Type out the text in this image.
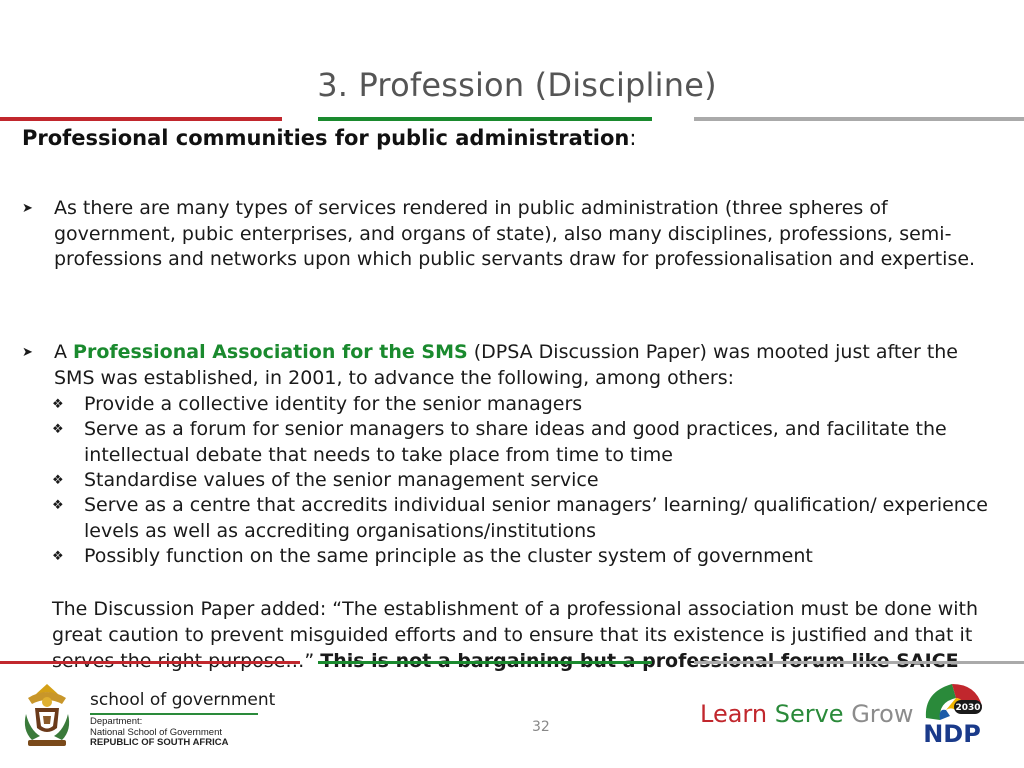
3. Profession (Discipline)
Professional communities for public administration:
➤	As there are many types of services rendered in public administration (three spheres of government, pubic enterprises, and organs of state), also many disciplines, professions, semi-professions and networks upon which public servants draw for professionalisation and expertise.
➤	A Professional Association for the SMS (DPSA Discussion Paper) was mooted just after the SMS was established, in 2001, to advance the following, among others:
❖	Provide a collective identity for the senior managers
❖	Serve as a forum for senior managers to share ideas and good practices, and facilitate the intellectual debate that needs to take place from time to time
❖	Standardise values of the senior management service
❖	Serve as a centre that accredits individual senior managers’ learning/ qualification/ experience levels as well as accrediting organisations/institutions
❖	Possibly function on the same principle as the cluster system of government
The Discussion Paper added: “The establishment of a professional association must be done with great caution to prevent misguided efforts and to ensure that its existence is justified and that it
school of government
Department:
National School of Government
REPUBLIC OF SOUTH AFRICA
32	Learn Serve Grow	2030
NDP
